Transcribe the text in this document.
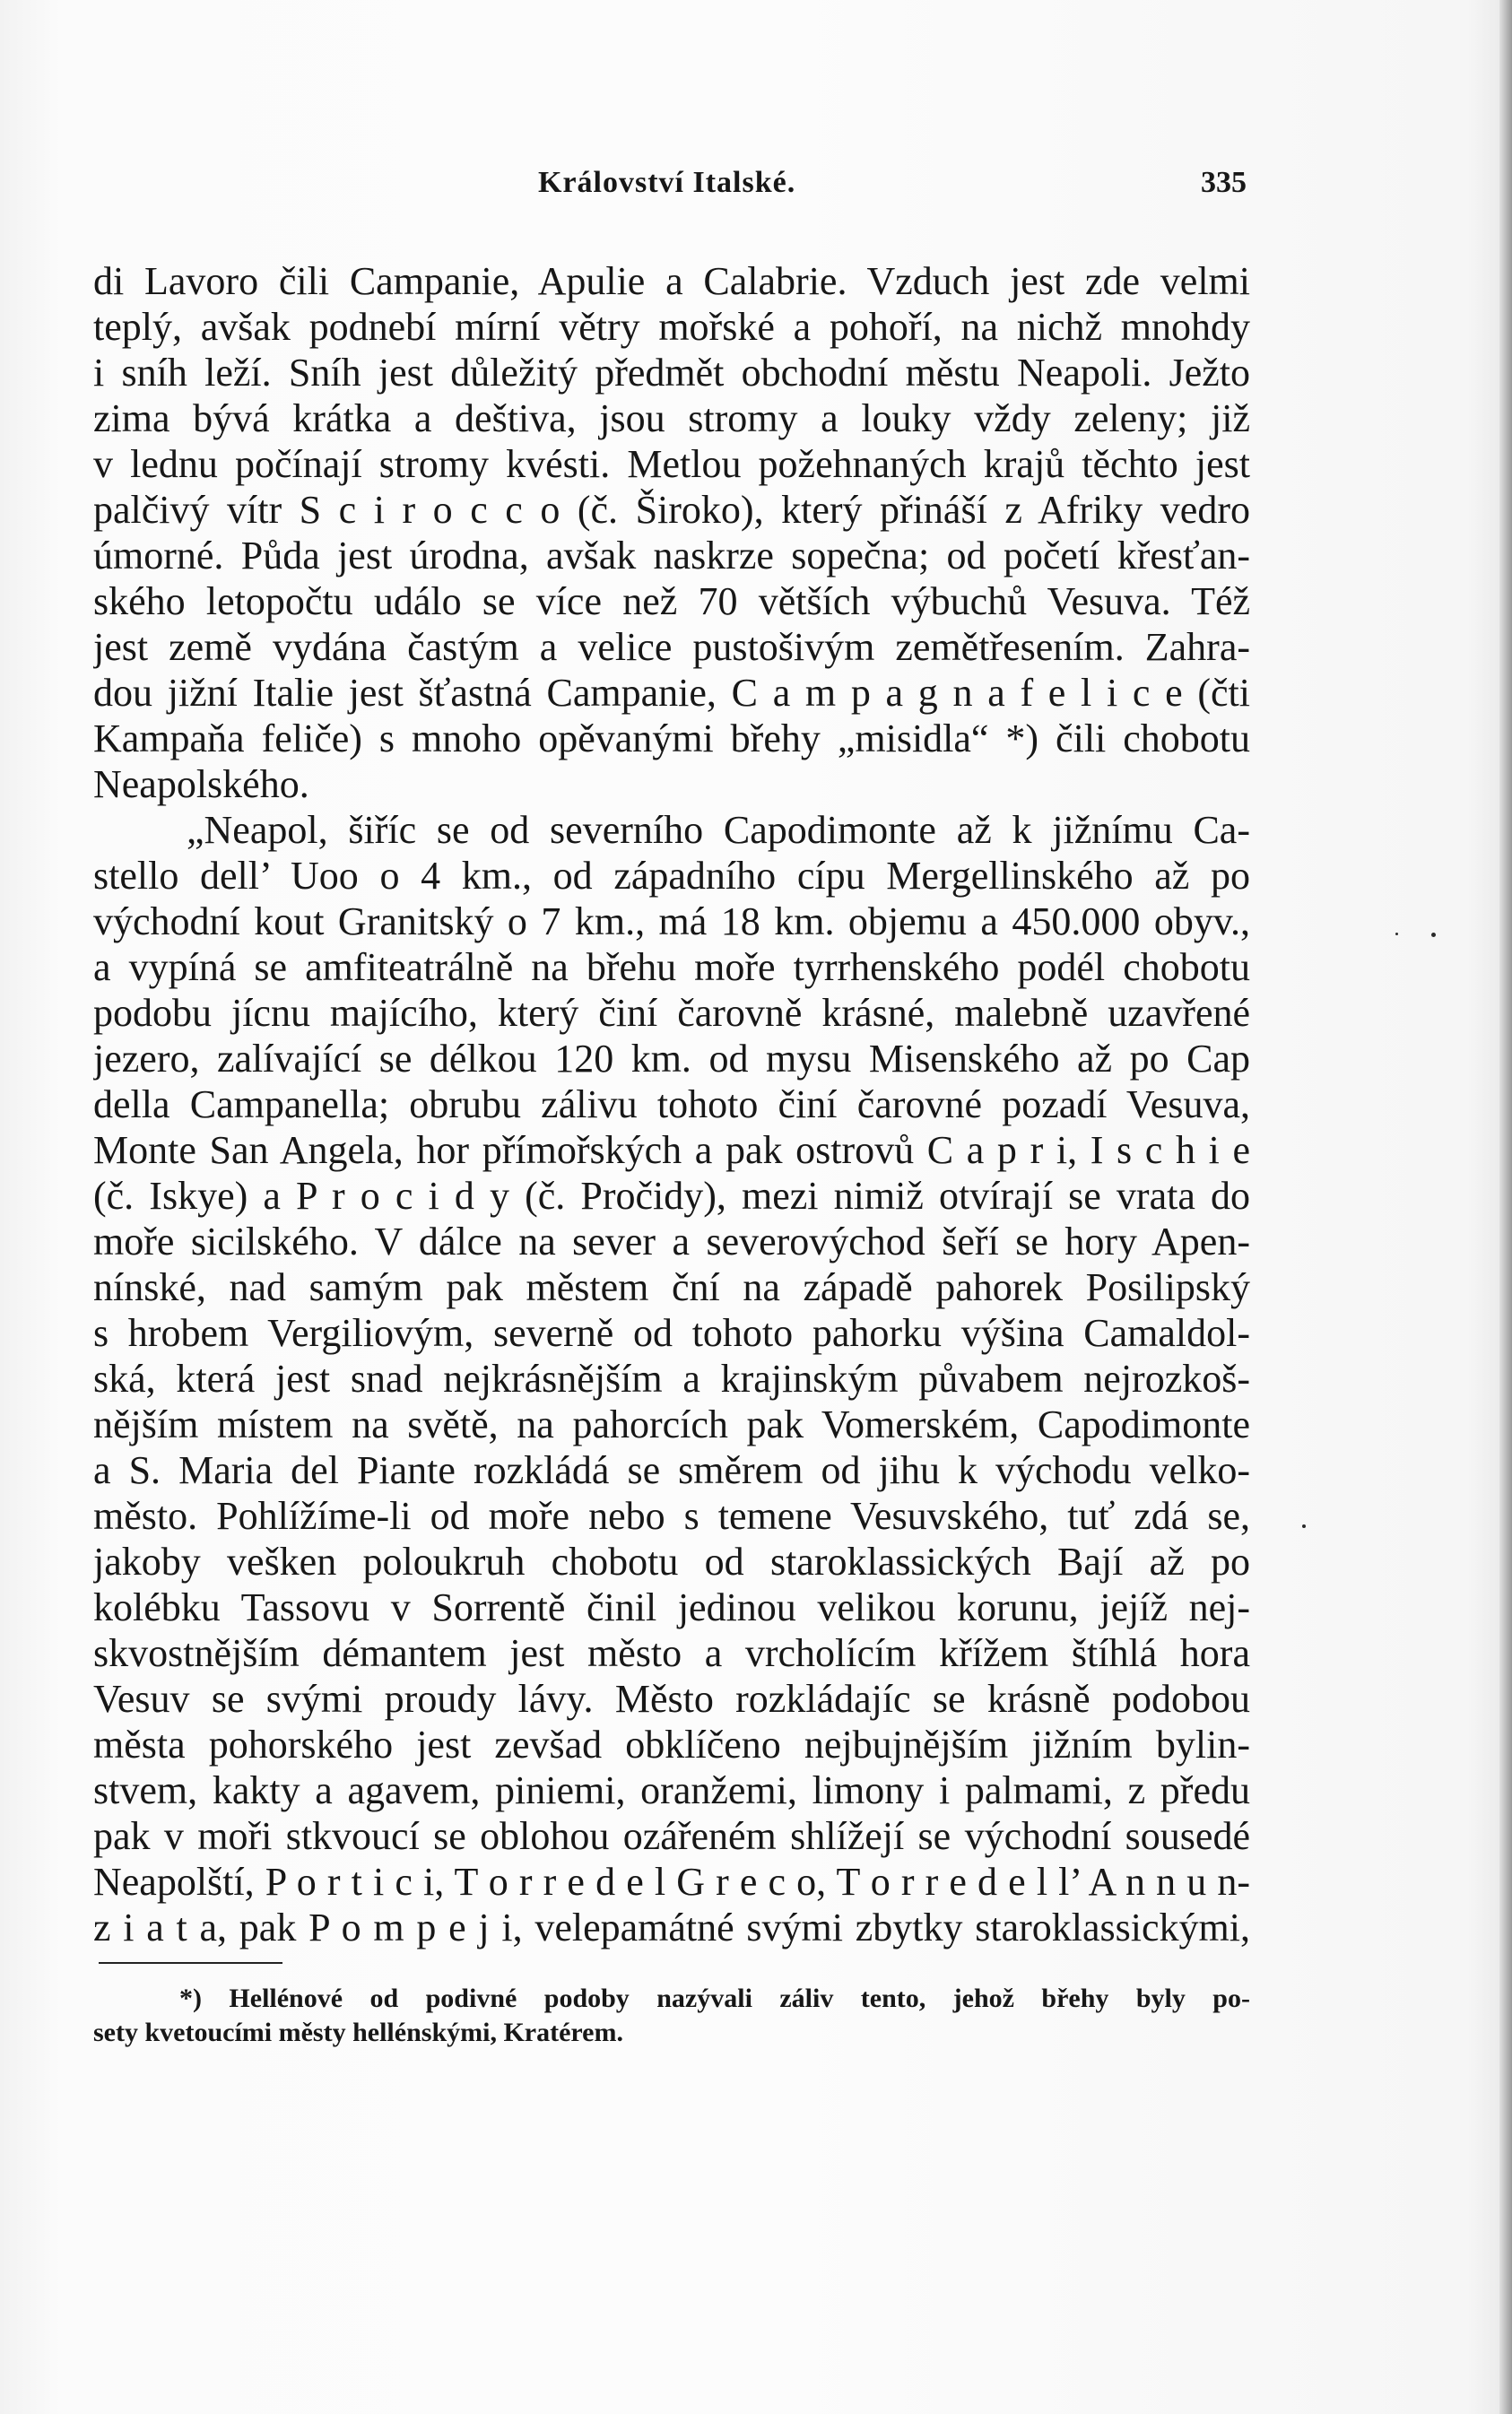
Království Italské.	335
di Lavoro čili Campanie, Apulie a Calabrie. Vzduch jest zde velmi
teplý, avšak podnebí mírní větry mořské a pohoří, na nichž mnohdy
i sníh leží. Sníh jest důležitý předmět obchodní městu Neapoli. Ježto
zima bývá krátka a deštiva, jsou stromy a louky vždy zeleny; již
v lednu počínají stromy kvésti. Metlou požehnaných krajů těchto jest
palčivý vítr S c i r o c c o (č. Široko), který přináší z Afriky vedro
úmorné. Půda jest úrodna, avšak naskrze sopečna; od početí křesťan-
ského letopočtu událo se více než 70 větších výbuchů Vesuva. Též
jest země vydána častým a velice pustošivým zemětřesením. Zahra-
dou jižní Italie jest šťastná Campanie, C a m p a g n a f e l i c e (čti
Kampaňa feliče) s mnoho opěvanými břehy „misidla“ *) čili chobotu
Neapolského.
„Neapol, šiříc se od severního Capodimonte až k jižnímu Ca-
stello dell’ Uoo o 4 km., od západního cípu Mergellinského až po
východní kout Granitský o 7 km., má 18 km. objemu a 450.000 obyv.,
a vypíná se amfiteatrálně na břehu moře tyrrhenského podél chobotu
podobu jícnu majícího, který činí čarovně krásné, malebně uzavřené
jezero, zalívající se délkou 120 km. od mysu Misenského až po Cap
della Campanella; obrubu zálivu tohoto činí čarovné pozadí Vesuva,
Monte San Angela, hor přímořských a pak ostrovů C a p r i, I s c h i e
(č. Iskye) a P r o c i d y (č. Pročidy), mezi nimiž otvírají se vrata do
moře sicilského. V dálce na sever a severovýchod šeří se hory Apen-
nínské, nad samým pak městem ční na západě pahorek Posilipský
s hrobem Vergiliovým, severně od tohoto pahorku výšina Camaldol-
ská, která jest snad nejkrásnějším a krajinským půvabem nejrozkoš-
nějším místem na světě, na pahorcích pak Vomerském, Capodimonte
a S. Maria del Piante rozkládá se směrem od jihu k východu velko-
město. Pohlížíme-li od moře nebo s temene Vesuvského, tuť zdá se,
jakoby vešken poloukruh chobotu od staroklassických Bají až po
kolébku Tassovu v Sorrentě činil jedinou velikou korunu, jejíž nej-
skvostnějším démantem jest město a vrcholícím křížem štíhlá hora
Vesuv se svými proudy lávy. Město rozkládajíc se krásně podobou
města pohorského jest zevšad obklíčeno nejbujnějším jižním bylin-
stvem, kakty a agavem, piniemi, oranžemi, limony i palmami, z předu
pak v moři stkvoucí se oblohou ozářeném shlížejí se východní sousedé
Neapolští, P o r t i c i, T o r r e d e l G r e c o, T o r r e d e l l’ A n n u n-
z i a t a, pak P o m p e j i, velepamátné svými zbytky staroklassickými,
*) Hellénové od podivné podoby nazývali záliv tento, jehož břehy byly po-
sety kvetoucími městy hellénskými, Kratérem.
